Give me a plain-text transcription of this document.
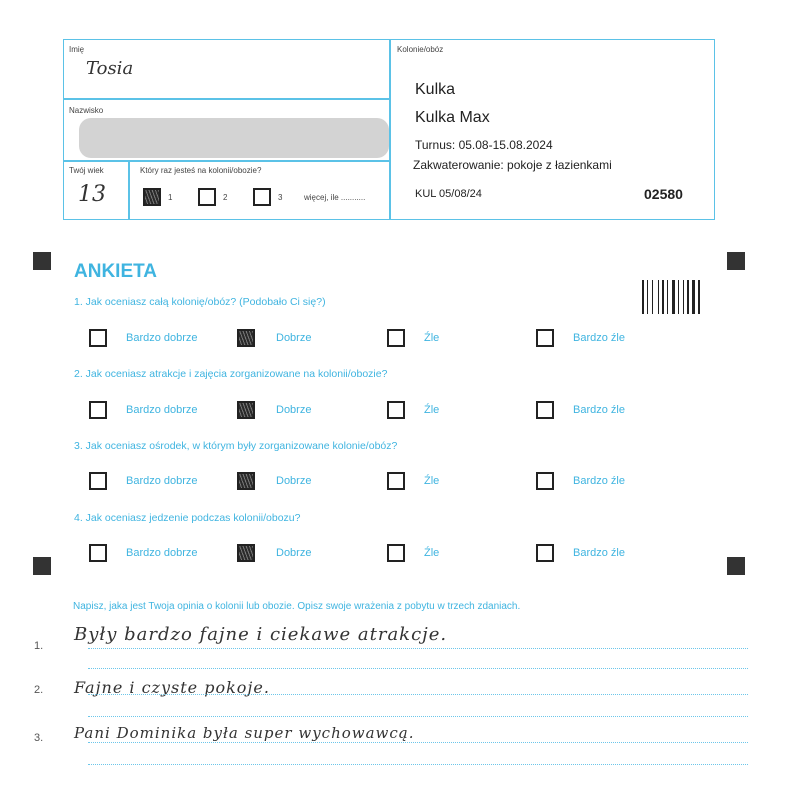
Imię
Tosia
Nazwisko
Twój wiek
13
Który raz jesteś na kolonii/obozie?
1	2	3	więcej, ile ...........
Kolonie/obóz
Kulka
Kulka Max
Turnus: 05.08-15.08.2024
Zakwaterowanie: pokoje z łazienkami
KUL 05/08/24	02580
ANKIETA
1. Jak oceniasz całą kolonię/obóz? (Podobało Ci się?)
Bardzo dobrze	Dobrze	Źle	Bardzo źle
2. Jak oceniasz atrakcje i zajęcia zorganizowane na kolonii/obozie?
Bardzo dobrze	Dobrze	Źle	Bardzo źle
3. Jak oceniasz ośrodek, w którym były zorganizowane kolonie/obóz?
Bardzo dobrze	Dobrze	Źle	Bardzo źle
4. Jak oceniasz jedzenie podczas kolonii/obozu?
Bardzo dobrze	Dobrze	Źle	Bardzo źle
Napisz, jaka jest Twoja opinia o kolonii lub obozie. Opisz swoje wrażenia z pobytu w trzech zdaniach.
1.
Były bardzo fajne i ciekawe atrakcje.
2. Fajne i czyste pokoje.
3. Pani Dominika była super wychowawcą.
